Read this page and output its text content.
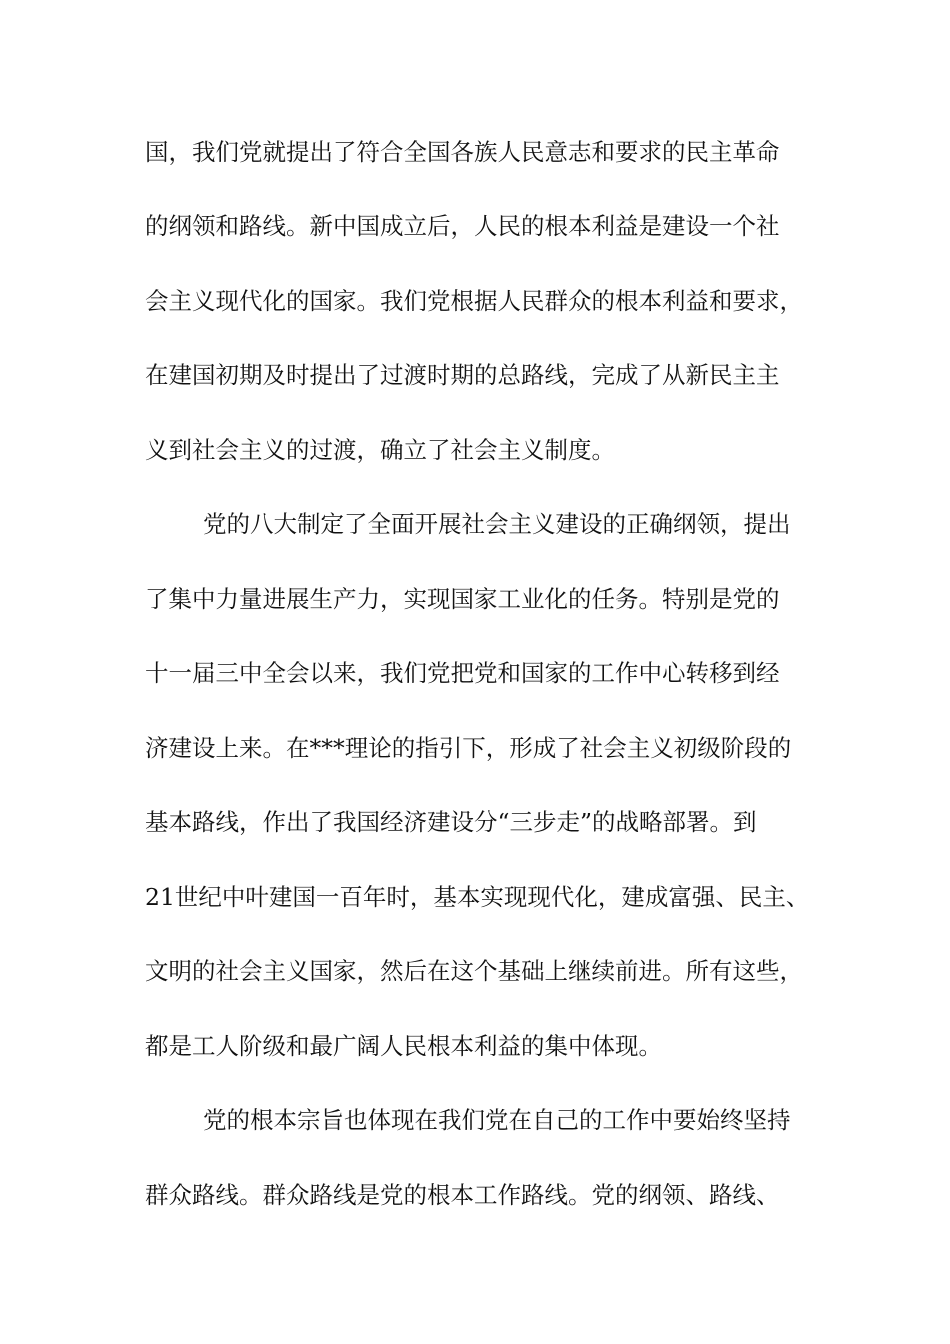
国，我们党就提出了符合全国各族人民意志和要求的民主革命
的纲领和路线。新中国成立后，人民的根本利益是建设一个社
会主义现代化的国家。我们党根据人民群众的根本利益和要求，
在建国初期及时提出了过渡时期的总路线，完成了从新民主主
义到社会主义的过渡，确立了社会主义制度。
党的八大制定了全面开展社会主义建设的正确纲领，提出
了集中力量进展生产力，实现国家工业化的任务。特别是党的
十一届三中全会以来，我们党把党和国家的工作中心转移到经
济建设上来。在***理论的指引下，形成了社会主义初级阶段的
基本路线，作出了我国经济建设分“三步走”的战略部署。到
21世纪中叶建国一百年时，基本实现现代化，建成富强、民主、
文明的社会主义国家，然后在这个基础上继续前进。所有这些，
都是工人阶级和最广阔人民根本利益的集中体现。
党的根本宗旨也体现在我们党在自己的工作中要始终坚持
群众路线。群众路线是党的根本工作路线。党的纲领、路线、
